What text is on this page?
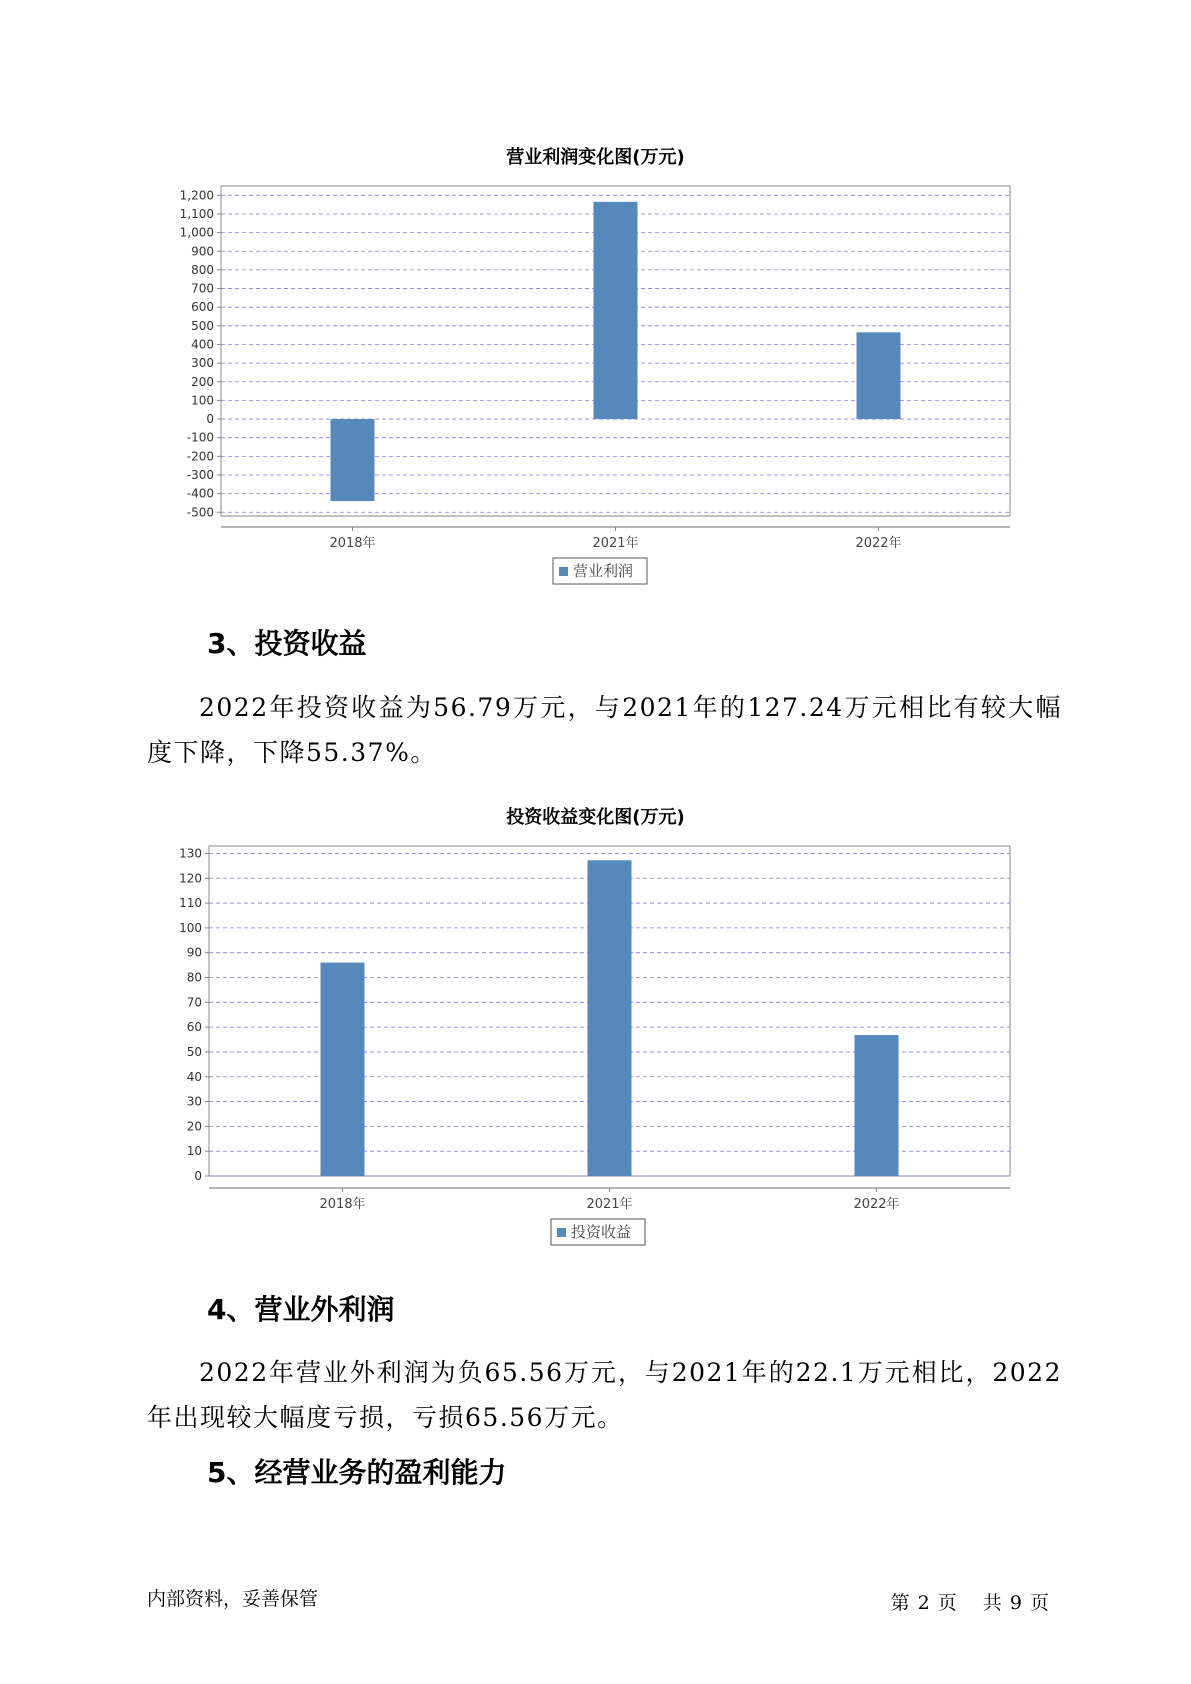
营业利润变化图(万元)
1,200
1,100
1,000
900
800
700
600
500
400
300
200
100
0
-100
-200
-300
-400
-500
2018年	2021年	2022年
营业利润
3、投资收益
2022年投资收益为56.79万元，与2021年的127.24万元相比有较大幅度下降，下降55.37%。
投资收益变化图(万元)
130
120
110
100
90
80
70
60
50
40
30
20
10
0
2018年	2021年	2022年
投资收益
4、营业外利润
2022年营业外利润为负65.56万元，与2021年的22.1万元相比，2022年出现较大幅度亏损，亏损65.56万元。
5、经营业务的盈利能力
内部资料，妥善保管	第 2 页 共 9 页
